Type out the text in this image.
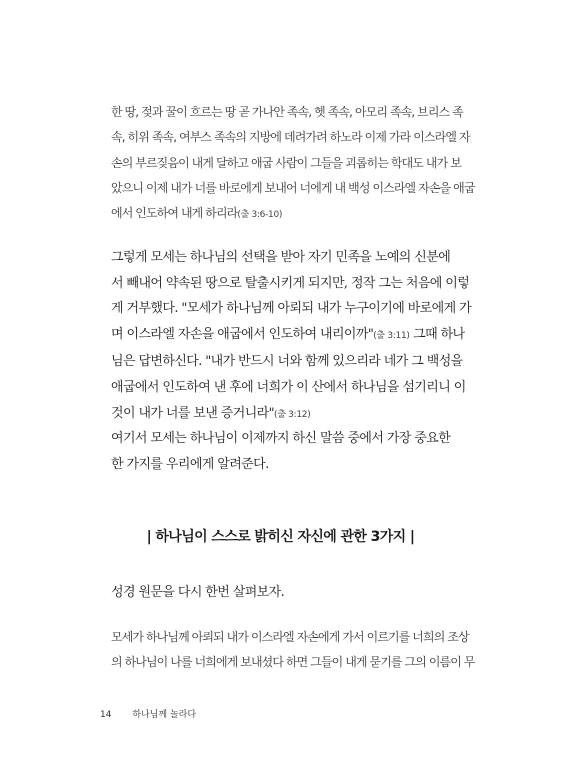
한 땅, 젖과 꿀이 흐르는 땅 곧 가나안 족속, 헷 족속, 아모리 족속, 브리스 족
속, 히위 족속, 여부스 족속의 지방에 데려가려 하노라 이제 가라 이스라엘 자
손의 부르짖음이 내게 달하고 애굽 사람이 그들을 괴롭히는 학대도 내가 보
았으니 이제 내가 너를 바로에게 보내어 너에게 내 백성 이스라엘 자손을 애굽
에서 인도하여 내게 하리라(출 3:6-10)
그렇게 모세는 하나님의 선택을 받아 자기 민족을 노예의 신분에
서 빼내어 약속된 땅으로 탈출시키게 되지만, 정작 그는 처음에 이렇
게 거부했다. "모세가 하나님께 아뢰되 내가 누구이기에 바로에게 가
며 이스라엘 자손을 애굽에서 인도하여 내리이까"(출 3:11) 그때 하나
님은 답변하신다. "내가 반드시 너와 함께 있으리라 네가 그 백성을
애굽에서 인도하여 낸 후에 너희가 이 산에서 하나님을 섬기리니 이
것이 내가 너를 보낸 증거니라"(출 3:12)
여기서 모세는 하나님이 이제까지 하신 말씀 중에서 가장 중요한
한 가지를 우리에게 알려준다.
| 하나님이 스스로 밝히신 자신에 관한 3가지 |
성경 원문을 다시 한번 살펴보자.
모세가 하나님께 아뢰되 내가 이스라엘 자손에게 가서 이르기를 너희의 조상
의 하나님이 나를 너희에게 보내셨다 하면 그들이 내게 묻기를 그의 이름이 무
14 하나님께 놀라다
